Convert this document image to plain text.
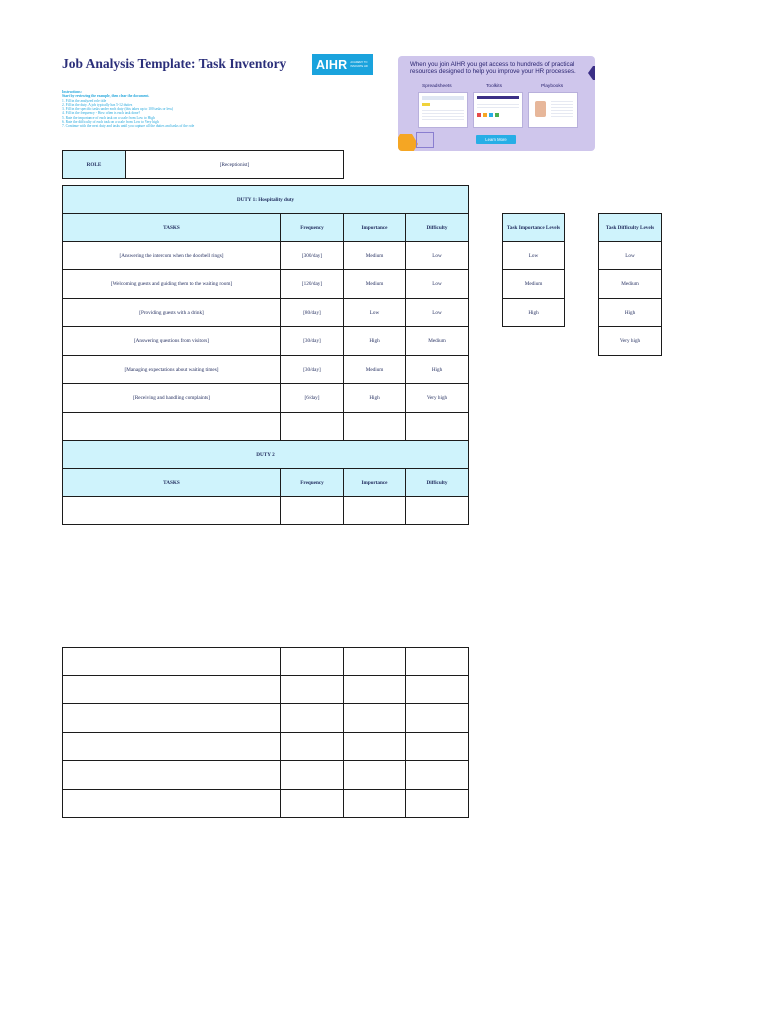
Job Analysis Template: Task Inventory	AIHR ACADEMY TO INNOVATE HR
Instructions:
Start by reviewing the example, then clear the document.
1. Fill in the analyzed role title
2. Fill in the duty. A job typically has 5-12 duties
3. Fill in the specific tasks under each duty (this takes up to 100 tasks or less)
4. Fill in the frequency - How often is each task done?
5. Rate the importance of each task on a scale from Low to High
6. Rate the difficulty of each task on a scale from Low to Very high
7. Continue with the next duty and tasks until you capture all the duties and tasks of the role
When you join AIHR you get access to hundreds of practical resources designed to help you improve your HR processes.
Spreadsheets	Toolkits	Playbooks
Learn More
ROLE	[Receptionist]
DUTY 1: Hospitality duty			
TASKS	Frequency	Importance	Difficulty
[Answering the intercom when the doorbell rings]	[300/day]	Medium	Low
[Welcoming guests and guiding them to the waiting room]	[120/day]	Medium	Low
[Providing guests with a drink]	[80/day]	Low	Low
[Answering questions from visitors]	[30/day]	High	Medium
[Managing expectations about waiting times]	[30/day]	Medium	High
[Receiving and handling complaints]	[6/day]	High	Very high

DUTY 2			
TASKS	Frequency	Importance	Difficulty

Task Importance Levels
Low
Medium
High
Task Difficulty Levels
Low
Medium
High
Very high
